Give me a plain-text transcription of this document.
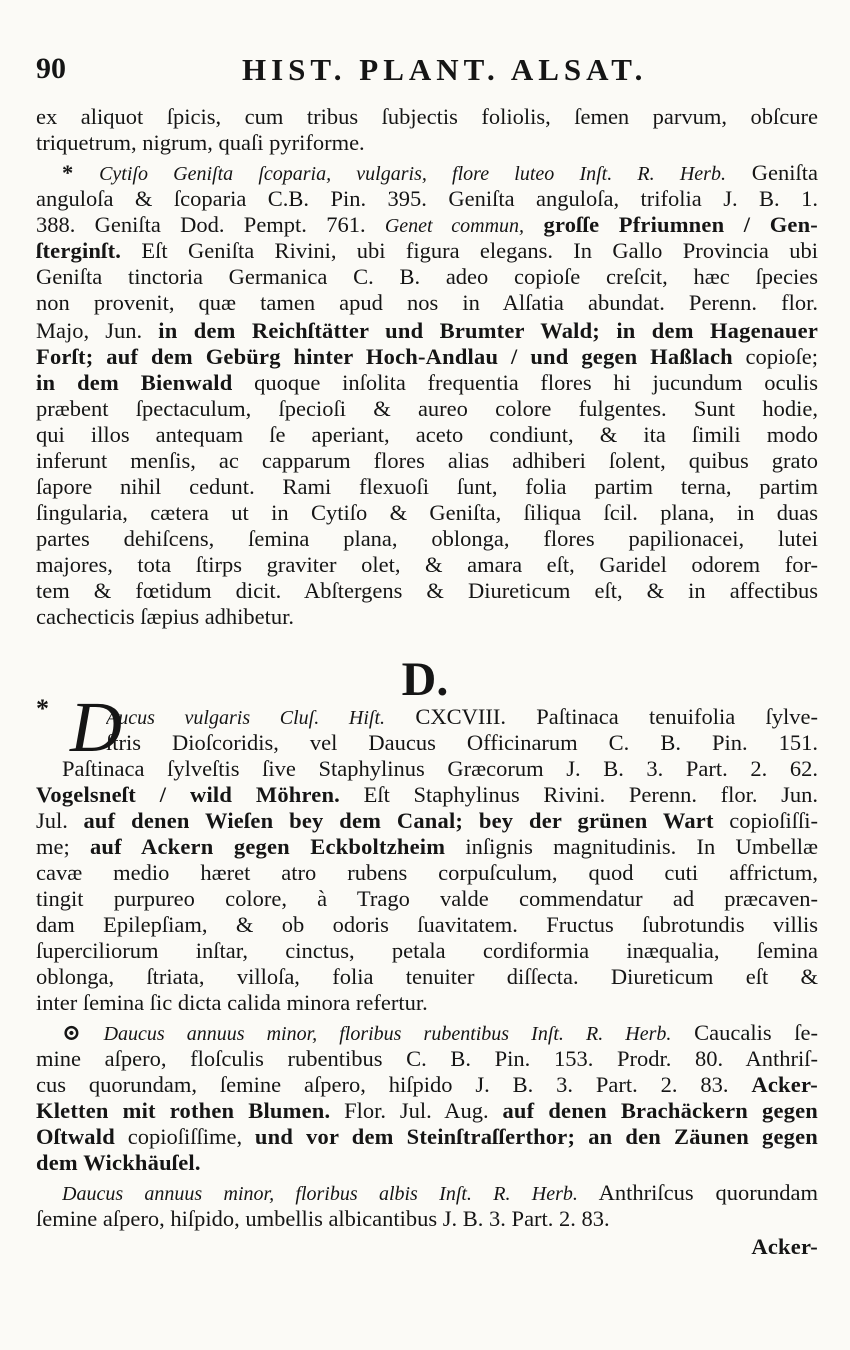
90	HIST. PLANT. ALSAT.
ex aliquot ſpicis, cum tribus ſubjectis foliolis, ſemen parvum, obſcure
triquetrum, nigrum, quaſi pyriforme.
* Cytiſo Geniſta ſcoparia, vulgaris, flore luteo Inſt. R. Herb. Geniſta
anguloſa & ſcoparia C.B. Pin. 395. Geniſta anguloſa, trifolia J. B. 1.
388. Geniſta Dod. Pempt. 761. Genet commun, groſſe Pfriumnen / Gen-
ſterginſt. Eſt Geniſta Rivini, ubi figura elegans. In Gallo Provincia ubi
Geniſta tinctoria Germanica C. B. adeo copioſe creſcit, hæc ſpecies
non provenit, quæ tamen apud nos in Alſatia abundat. Perenn. flor.
Majo, Jun. in dem Reichſtätter und Brumter Wald; in dem Hagenauer
Forſt; auf dem Gebürg hinter Hoch-Andlau / und gegen Haßlach copioſe;
in dem Bienwald quoque inſolita frequentia flores hi jucundum oculis
præbent ſpectaculum, ſpecioſi & aureo colore fulgentes. Sunt hodie,
qui illos antequam ſe aperiant, aceto condiunt, & ita ſimili modo
inferunt menſis, ac capparum flores alias adhiberi ſolent, quibus grato
ſapore nihil cedunt. Rami flexuoſi ſunt, folia partim terna, partim
ſingularia, cætera ut in Cytiſo & Geniſta, ſiliqua ſcil. plana, in duas
partes dehiſcens, ſemina plana, oblonga, flores papilionacei, lutei
majores, tota ſtirps graviter olet, & amara eſt, Garidel odorem for-
tem & fœtidum dicit. Abſtergens & Diureticum eſt, & in affectibus
cachecticis ſæpius adhibetur.
Aucus vulgaris Cluſ. Hiſt. CXCVIII. Paſtinaca tenuifolia ſylve-
ſtris Dioſcoridis, vel Daucus Officinarum C. B. Pin. 151.
Paſtinaca ſylveſtis ſive Staphylinus Græcorum J. B. 3. Part. 2. 62.
Vogelsneſt / wild Möhren. Eſt Staphylinus Rivini. Perenn. flor. Jun.
Jul. auf denen Wieſen bey dem Canal; bey der grünen Wart copioſiſſi-
me; auf Ackern gegen Eckboltzheim inſignis magnitudinis. In Umbellæ
cavæ medio hæret atro rubens corpuſculum, quod cuti affrictum,
tingit purpureo colore, à Trago valde commendatur ad præcaven-
dam Epilepſiam, & ob odoris ſuavitatem. Fructus ſubrotundis villis
ſuperciliorum inſtar, cinctus, petala cordiformia inæqualia, ſemina
oblonga, ſtriata, villoſa, folia tenuiter diſſecta. Diureticum eſt &
inter ſemina ſic dicta calida minora refertur.
⊙ Daucus annuus minor, floribus rubentibus Inſt. R. Herb. Caucalis ſe-
mine aſpero, floſculis rubentibus C. B. Pin. 153. Prodr. 80. Anthriſ-
cus quorundam, ſemine aſpero, hiſpido J. B. 3. Part. 2. 83. Acker-
Kletten mit rothen Blumen. Flor. Jul. Aug. auf denen Brachäckern gegen
Oſtwald copioſiſſime, und vor dem Steinſtraſſerthor; an den Zäunen gegen
dem Wickhäuſel.
Daucus annuus minor, floribus albis Inſt. R. Herb. Anthriſcus quorundam
ſemine aſpero, hiſpido, umbellis albicantibus J. B. 3. Part. 2. 83.
Acker-
D.
* D
